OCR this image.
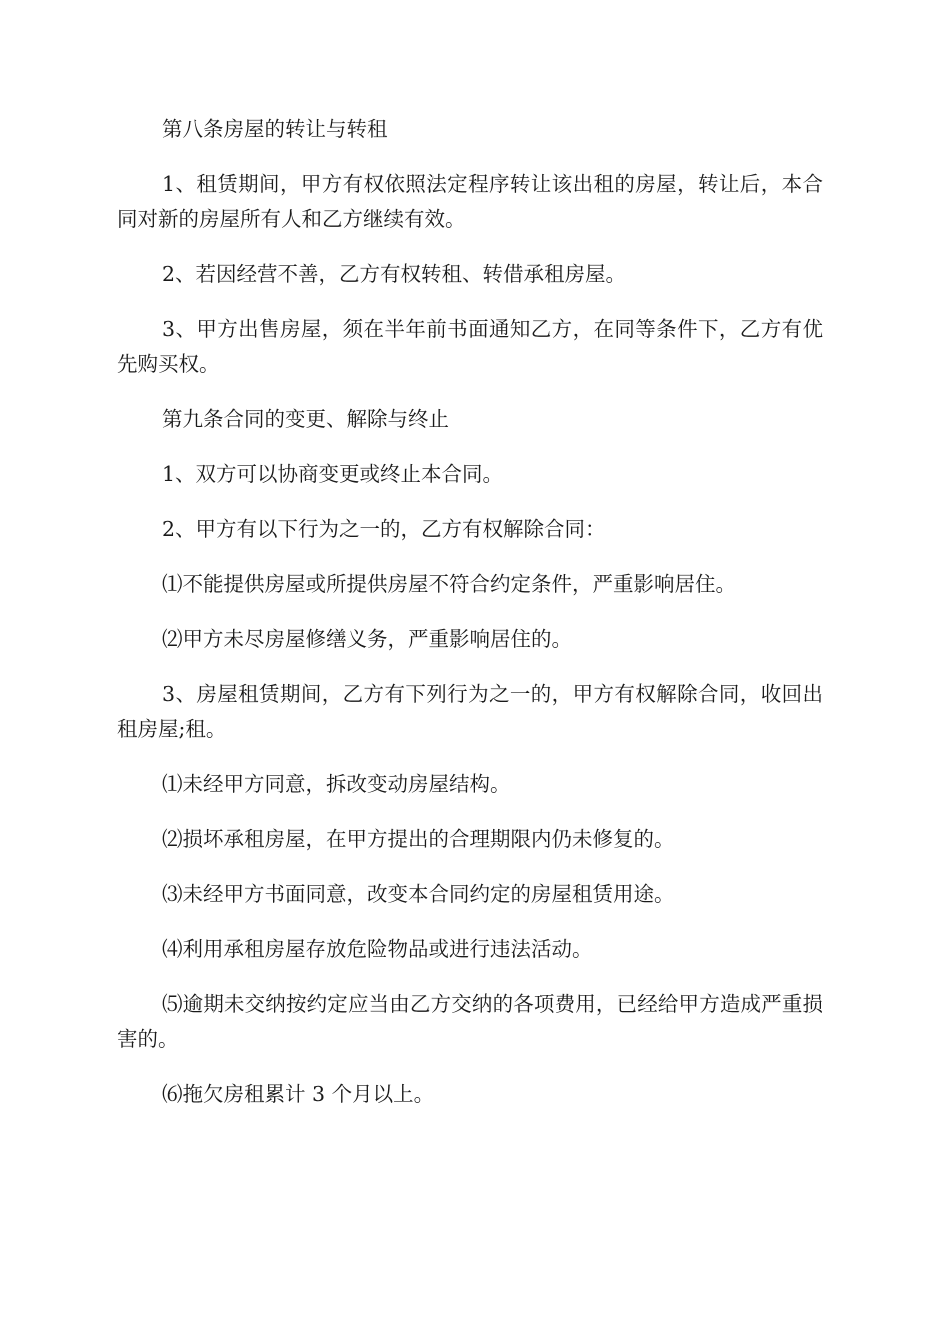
第八条房屋的转让与转租

1、租赁期间，甲方有权依照法定程序转让该出租的房屋，转让后，本合同对新的房屋所有人和乙方继续有效。

2、若因经营不善，乙方有权转租、转借承租房屋。

3、甲方出售房屋，须在半年前书面通知乙方，在同等条件下，乙方有优先购买权。

第九条合同的变更、解除与终止

1、双方可以协商变更或终止本合同。

2、甲方有以下行为之一的，乙方有权解除合同：

⑴不能提供房屋或所提供房屋不符合约定条件，严重影响居住。

⑵甲方未尽房屋修缮义务，严重影响居住的。

3、房屋租赁期间，乙方有下列行为之一的，甲方有权解除合同，收回出租房屋;租。

⑴未经甲方同意，拆改变动房屋结构。

⑵损坏承租房屋，在甲方提出的合理期限内仍未修复的。

⑶未经甲方书面同意，改变本合同约定的房屋租赁用途。

⑷利用承租房屋存放危险物品或进行违法活动。

⑸逾期未交纳按约定应当由乙方交纳的各项费用，已经给甲方造成严重损害的。

⑹拖欠房租累计 3 个月以上。
